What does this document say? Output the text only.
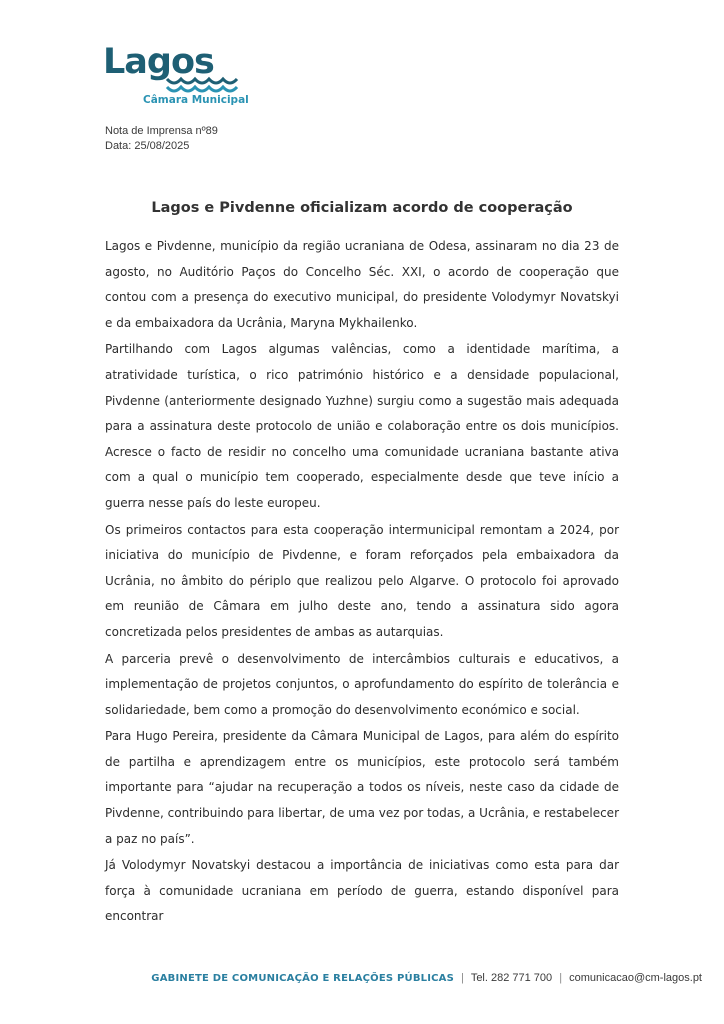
Lagos
Câmara Municipal
Nota de Imprensa nº89
Data: 25/08/2025
Lagos e Pivdenne oficializam acordo de cooperação

Lagos e Pivdenne, município da região ucraniana de Odesa, assinaram no dia 23 de agosto, no Auditório Paços do Concelho Séc. XXI, o acordo de cooperação que contou com a presença do executivo municipal, do presidente Volodymyr Novatskyi e da embaixadora da Ucrânia, Maryna Mykhailenko.

Partilhando com Lagos algumas valências, como a identidade marítima, a atratividade turística, o rico património histórico e a densidade populacional, Pivdenne (anteriormente designado Yuzhne) surgiu como a sugestão mais adequada para a assinatura deste protocolo de união e colaboração entre os dois municípios. Acresce o facto de residir no concelho uma comunidade ucraniana bastante ativa com a qual o município tem cooperado, especialmente desde que teve início a guerra nesse país do leste europeu.

Os primeiros contactos para esta cooperação intermunicipal remontam a 2024, por iniciativa do município de Pivdenne, e foram reforçados pela embaixadora da Ucrânia, no âmbito do périplo que realizou pelo Algarve. O protocolo foi aprovado em reunião de Câmara em julho deste ano, tendo a assinatura sido agora concretizada pelos presidentes de ambas as autarquias.

A parceria prevê o desenvolvimento de intercâmbios culturais e educativos, a implementação de projetos conjuntos, o aprofundamento do espírito de tolerância e solidariedade, bem como a promoção do desenvolvimento económico e social.

Para Hugo Pereira, presidente da Câmara Municipal de Lagos, para além do espírito de partilha e aprendizagem entre os municípios, este protocolo será também importante para “ajudar na recuperação a todos os níveis, neste caso da cidade de Pivdenne, contribuindo para libertar, de uma vez por todas, a Ucrânia, e restabelecer a paz no país”.

Já Volodymyr Novatskyi destacou a importância de iniciativas como esta para dar força à comunidade ucraniana em período de guerra, estando disponível para encontrar

GABINETE DE COMUNICAÇÃO E RELAÇÕES PÚBLICAS | Tel. 282 771 700 | comunicacao@cm-lagos.pt
